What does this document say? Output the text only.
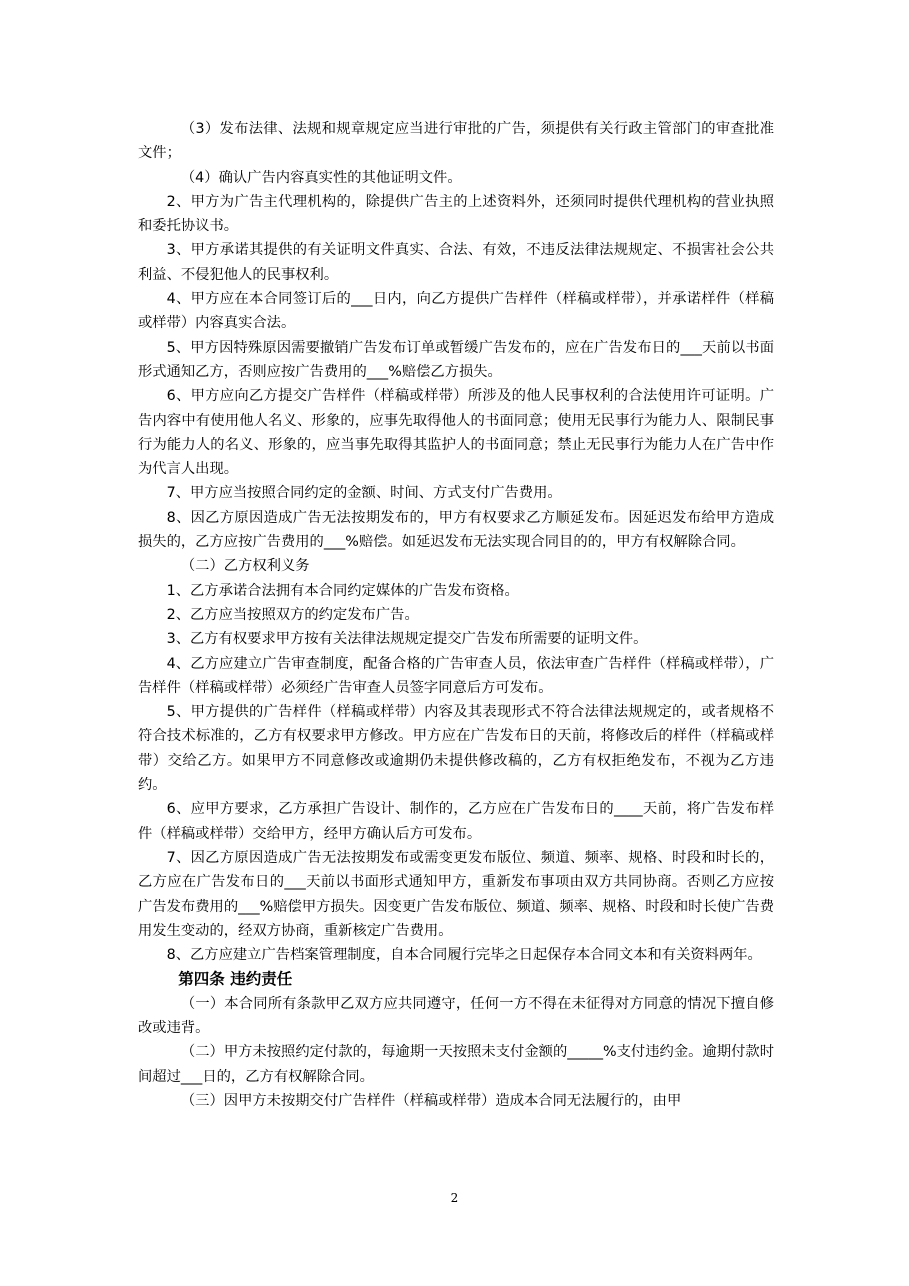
（3）发布法律、法规和规章规定应当进行审批的广告，须提供有关行政主管部门的审查批准文件；

（4）确认广告内容真实性的其他证明文件。

2、甲方为广告主代理机构的，除提供广告主的上述资料外，还须同时提供代理机构的营业执照和委托协议书。

3、甲方承诺其提供的有关证明文件真实、合法、有效，不违反法律法规规定、不损害社会公共利益、不侵犯他人的民事权利。

4、甲方应在本合同签订后的___日内，向乙方提供广告样件（样稿或样带），并承诺样件（样稿或样带）内容真实合法。

5、甲方因特殊原因需要撤销广告发布订单或暂缓广告发布的，应在广告发布日的___天前以书面形式通知乙方，否则应按广告费用的___%赔偿乙方损失。

6、甲方应向乙方提交广告样件（样稿或样带）所涉及的他人民事权利的合法使用许可证明。广告内容中有使用他人名义、形象的，应事先取得他人的书面同意；使用无民事行为能力人、限制民事行为能力人的名义、形象的，应当事先取得其监护人的书面同意；禁止无民事行为能力人在广告中作为代言人出现。

7、甲方应当按照合同约定的金额、时间、方式支付广告费用。

8、因乙方原因造成广告无法按期发布的，甲方有权要求乙方顺延发布。因延迟发布给甲方造成损失的，乙方应按广告费用的___%赔偿。如延迟发布无法实现合同目的的，甲方有权解除合同。

（二）乙方权利义务

1、乙方承诺合法拥有本合同约定媒体的广告发布资格。

2、乙方应当按照双方的约定发布广告。

3、乙方有权要求甲方按有关法律法规规定提交广告发布所需要的证明文件。

4、乙方应建立广告审查制度，配备合格的广告审查人员，依法审查广告样件（样稿或样带），广告样件（样稿或样带）必须经广告审查人员签字同意后方可发布。

5、甲方提供的广告样件（样稿或样带）内容及其表现形式不符合法律法规规定的，或者规格不符合技术标准的，乙方有权要求甲方修改。甲方应在广告发布日的天前，将修改后的样件（样稿或样带）交给乙方。如果甲方不同意修改或逾期仍未提供修改稿的，乙方有权拒绝发布，不视为乙方违约。

6、应甲方要求，乙方承担广告设计、制作的，乙方应在广告发布日的____天前，将广告发布样件（样稿或样带）交给甲方，经甲方确认后方可发布。

7、因乙方原因造成广告无法按期发布或需变更发布版位、频道、频率、规格、时段和时长的，乙方应在广告发布日的___天前以书面形式通知甲方，重新发布事项由双方共同协商。否则乙方应按广告发布费用的___%赔偿甲方损失。因变更广告发布版位、频道、频率、规格、时段和时长使广告费用发生变动的，经双方协商，重新核定广告费用。

8、乙方应建立广告档案管理制度，自本合同履行完毕之日起保存本合同文本和有关资料两年。

第四条 违约责任

（一）本合同所有条款甲乙双方应共同遵守，任何一方不得在未征得对方同意的情况下擅自修改或违背。

（二）甲方未按照约定付款的，每逾期一天按照未支付金额的_____%支付违约金。逾期付款时间超过___日的，乙方有权解除合同。

（三）因甲方未按期交付广告样件（样稿或样带）造成本合同无法履行的，由甲

2
